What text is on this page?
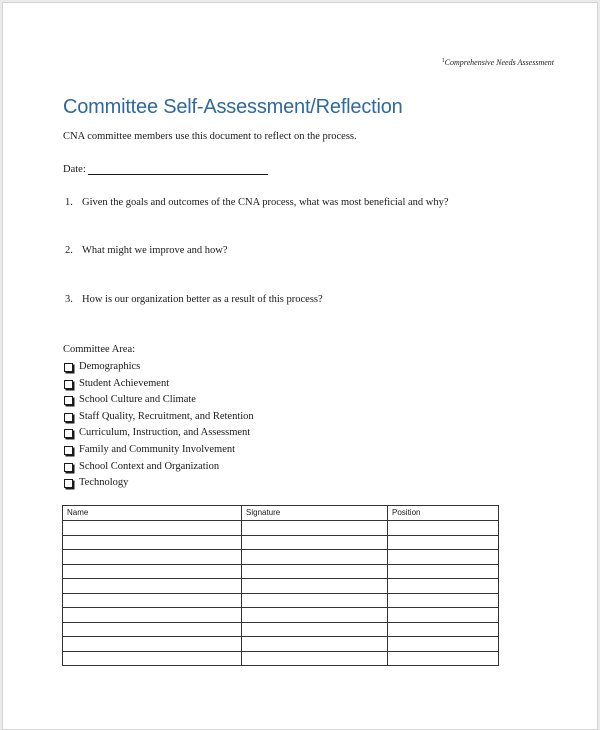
$^1$Comprehensive Needs Assessment
Committee Self-Assessment/Reflection
CNA committee members use this document to reflect on the process.
Date:
1. Given the goals and outcomes of the CNA process, what was most beneficial and why?
2. What might we improve and how?
3. How is our organization better as a result of this process?
Committee Area:
Demographics
Student Achievement
School Culture and Climate
Staff Quality, Recruitment, and Retention
Curriculum, Instruction, and Assessment
Family and Community Involvement
School Context and Organization
Technology
Name	Signature	Position
